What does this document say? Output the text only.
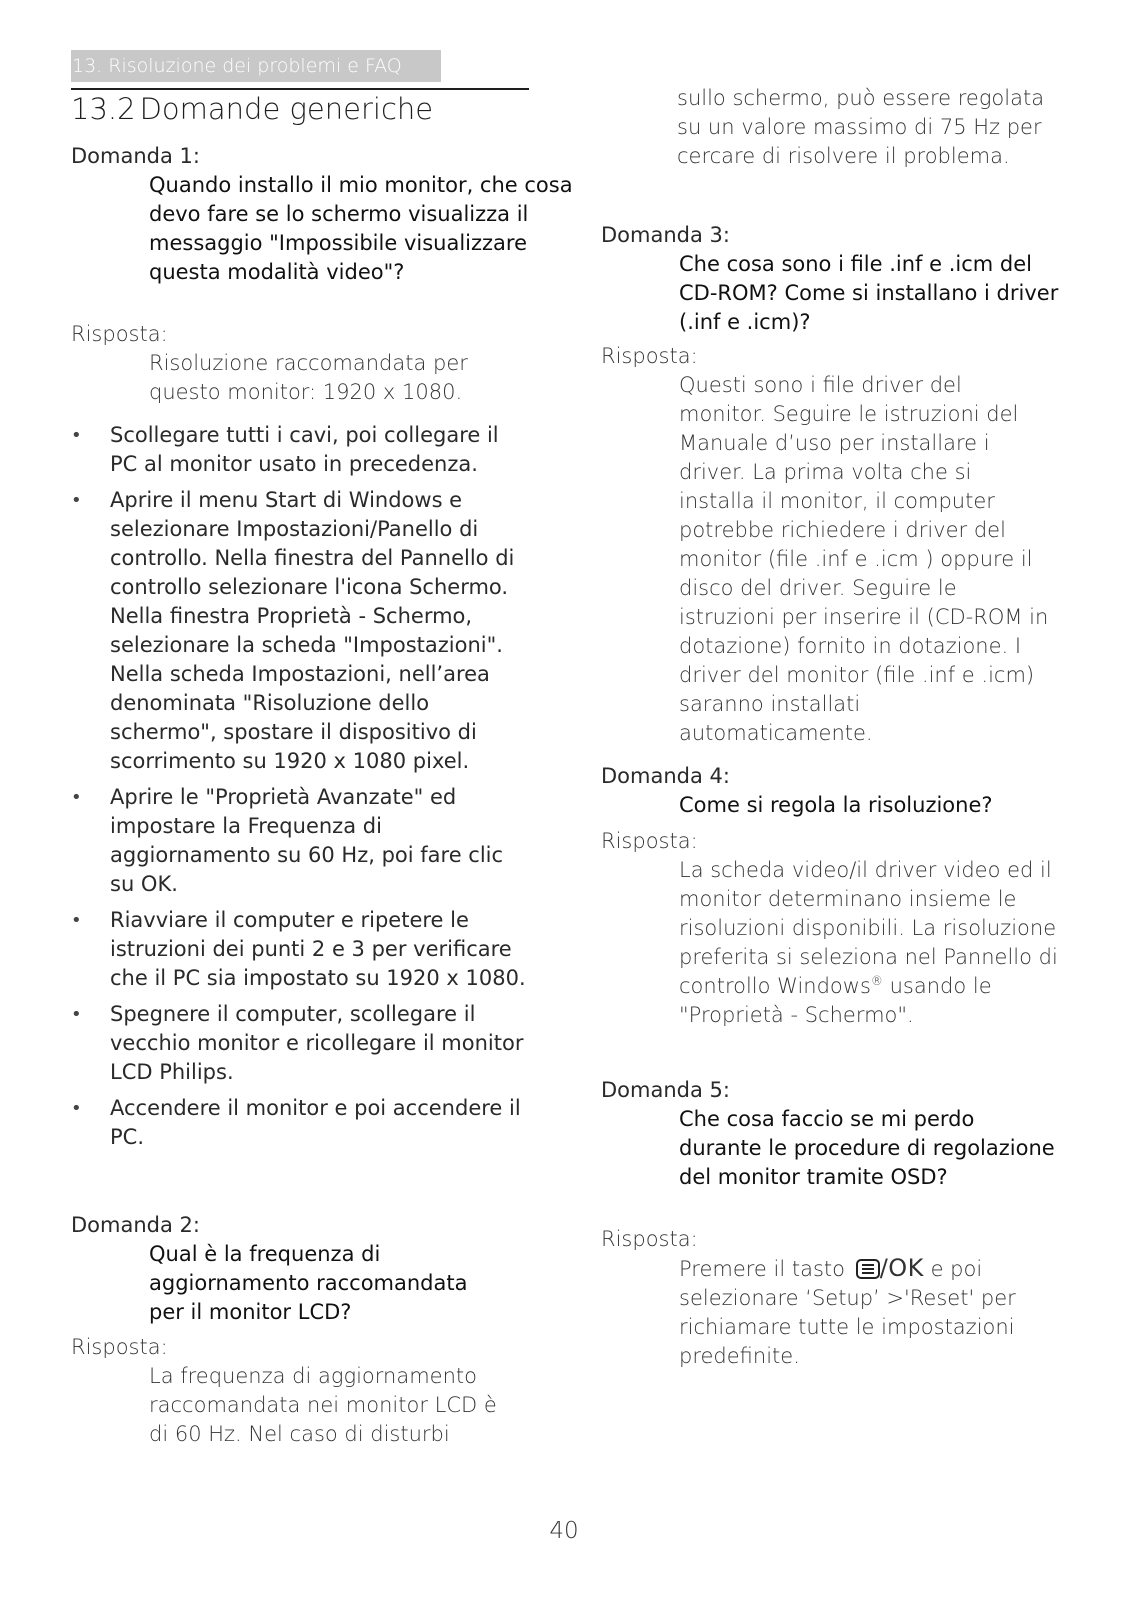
13. Risoluzione dei problemi e FAQ
13.2 Domande generiche
Domanda 1:
Quando installo il mio monitor, che cosa devo fare se lo schermo visualizza il messaggio "Impossibile visualizzare questa modalità video"?
Risposta:
Risoluzione raccomandata per questo monitor: 1920 x 1080.
• Scollegare tutti i cavi, poi collegare il PC al monitor usato in precedenza.
• Aprire il menu Start di Windows e selezionare Impostazioni/Panello di controllo. Nella finestra del Pannello di controllo selezionare l'icona Schermo. Nella finestra Proprietà - Schermo, selezionare la scheda "Impostazioni". Nella scheda Impostazioni, nell’area denominata "Risoluzione dello schermo", spostare il dispositivo di scorrimento su 1920 x 1080 pixel.
• Aprire le "Proprietà Avanzate" ed impostare la Frequenza di aggiornamento su 60 Hz, poi fare clic su OK.
• Riavviare il computer e ripetere le istruzioni dei punti 2 e 3 per verificare che il PC sia impostato su 1920 x 1080.
• Spegnere il computer, scollegare il vecchio monitor e ricollegare il monitor LCD Philips.
• Accendere il monitor e poi accendere il PC.
Domanda 2:
Qual è la frequenza di aggiornamento raccomandata per il monitor LCD?
Risposta:
La frequenza di aggiornamento raccomandata nei monitor LCD è di 60 Hz. Nel caso di disturbi
sullo schermo, può essere regolata su un valore massimo di 75 Hz per cercare di risolvere il problema.
Domanda 3:
Che cosa sono i file .inf e .icm del CD-ROM? Come si installano i driver (.inf e .icm)?
Risposta:
Questi sono i file driver del monitor. Seguire le istruzioni del Manuale d’uso per installare i driver. La prima volta che si installa il monitor, il computer potrebbe richiedere i driver del monitor (file .inf e .icm ) oppure il disco del driver. Seguire le istruzioni per inserire il (CD-ROM in dotazione) fornito in dotazione. I driver del monitor (file .inf e .icm) saranno installati automaticamente.
Domanda 4:
Come si regola la risoluzione?
Risposta:
La scheda video/il driver video ed il monitor determinano insieme le risoluzioni disponibili. La risoluzione preferita si seleziona nel Pannello di controllo Windows® usando le "Proprietà - Schermo".
Domanda 5:
Che cosa faccio se mi perdo durante le procedure di regolazione del monitor tramite OSD?
Risposta:
Premere il tasto
/OK e poi selezionare ‘Setup’ >'Reset' per richiamare tutte le impostazioni predefinite.
40
